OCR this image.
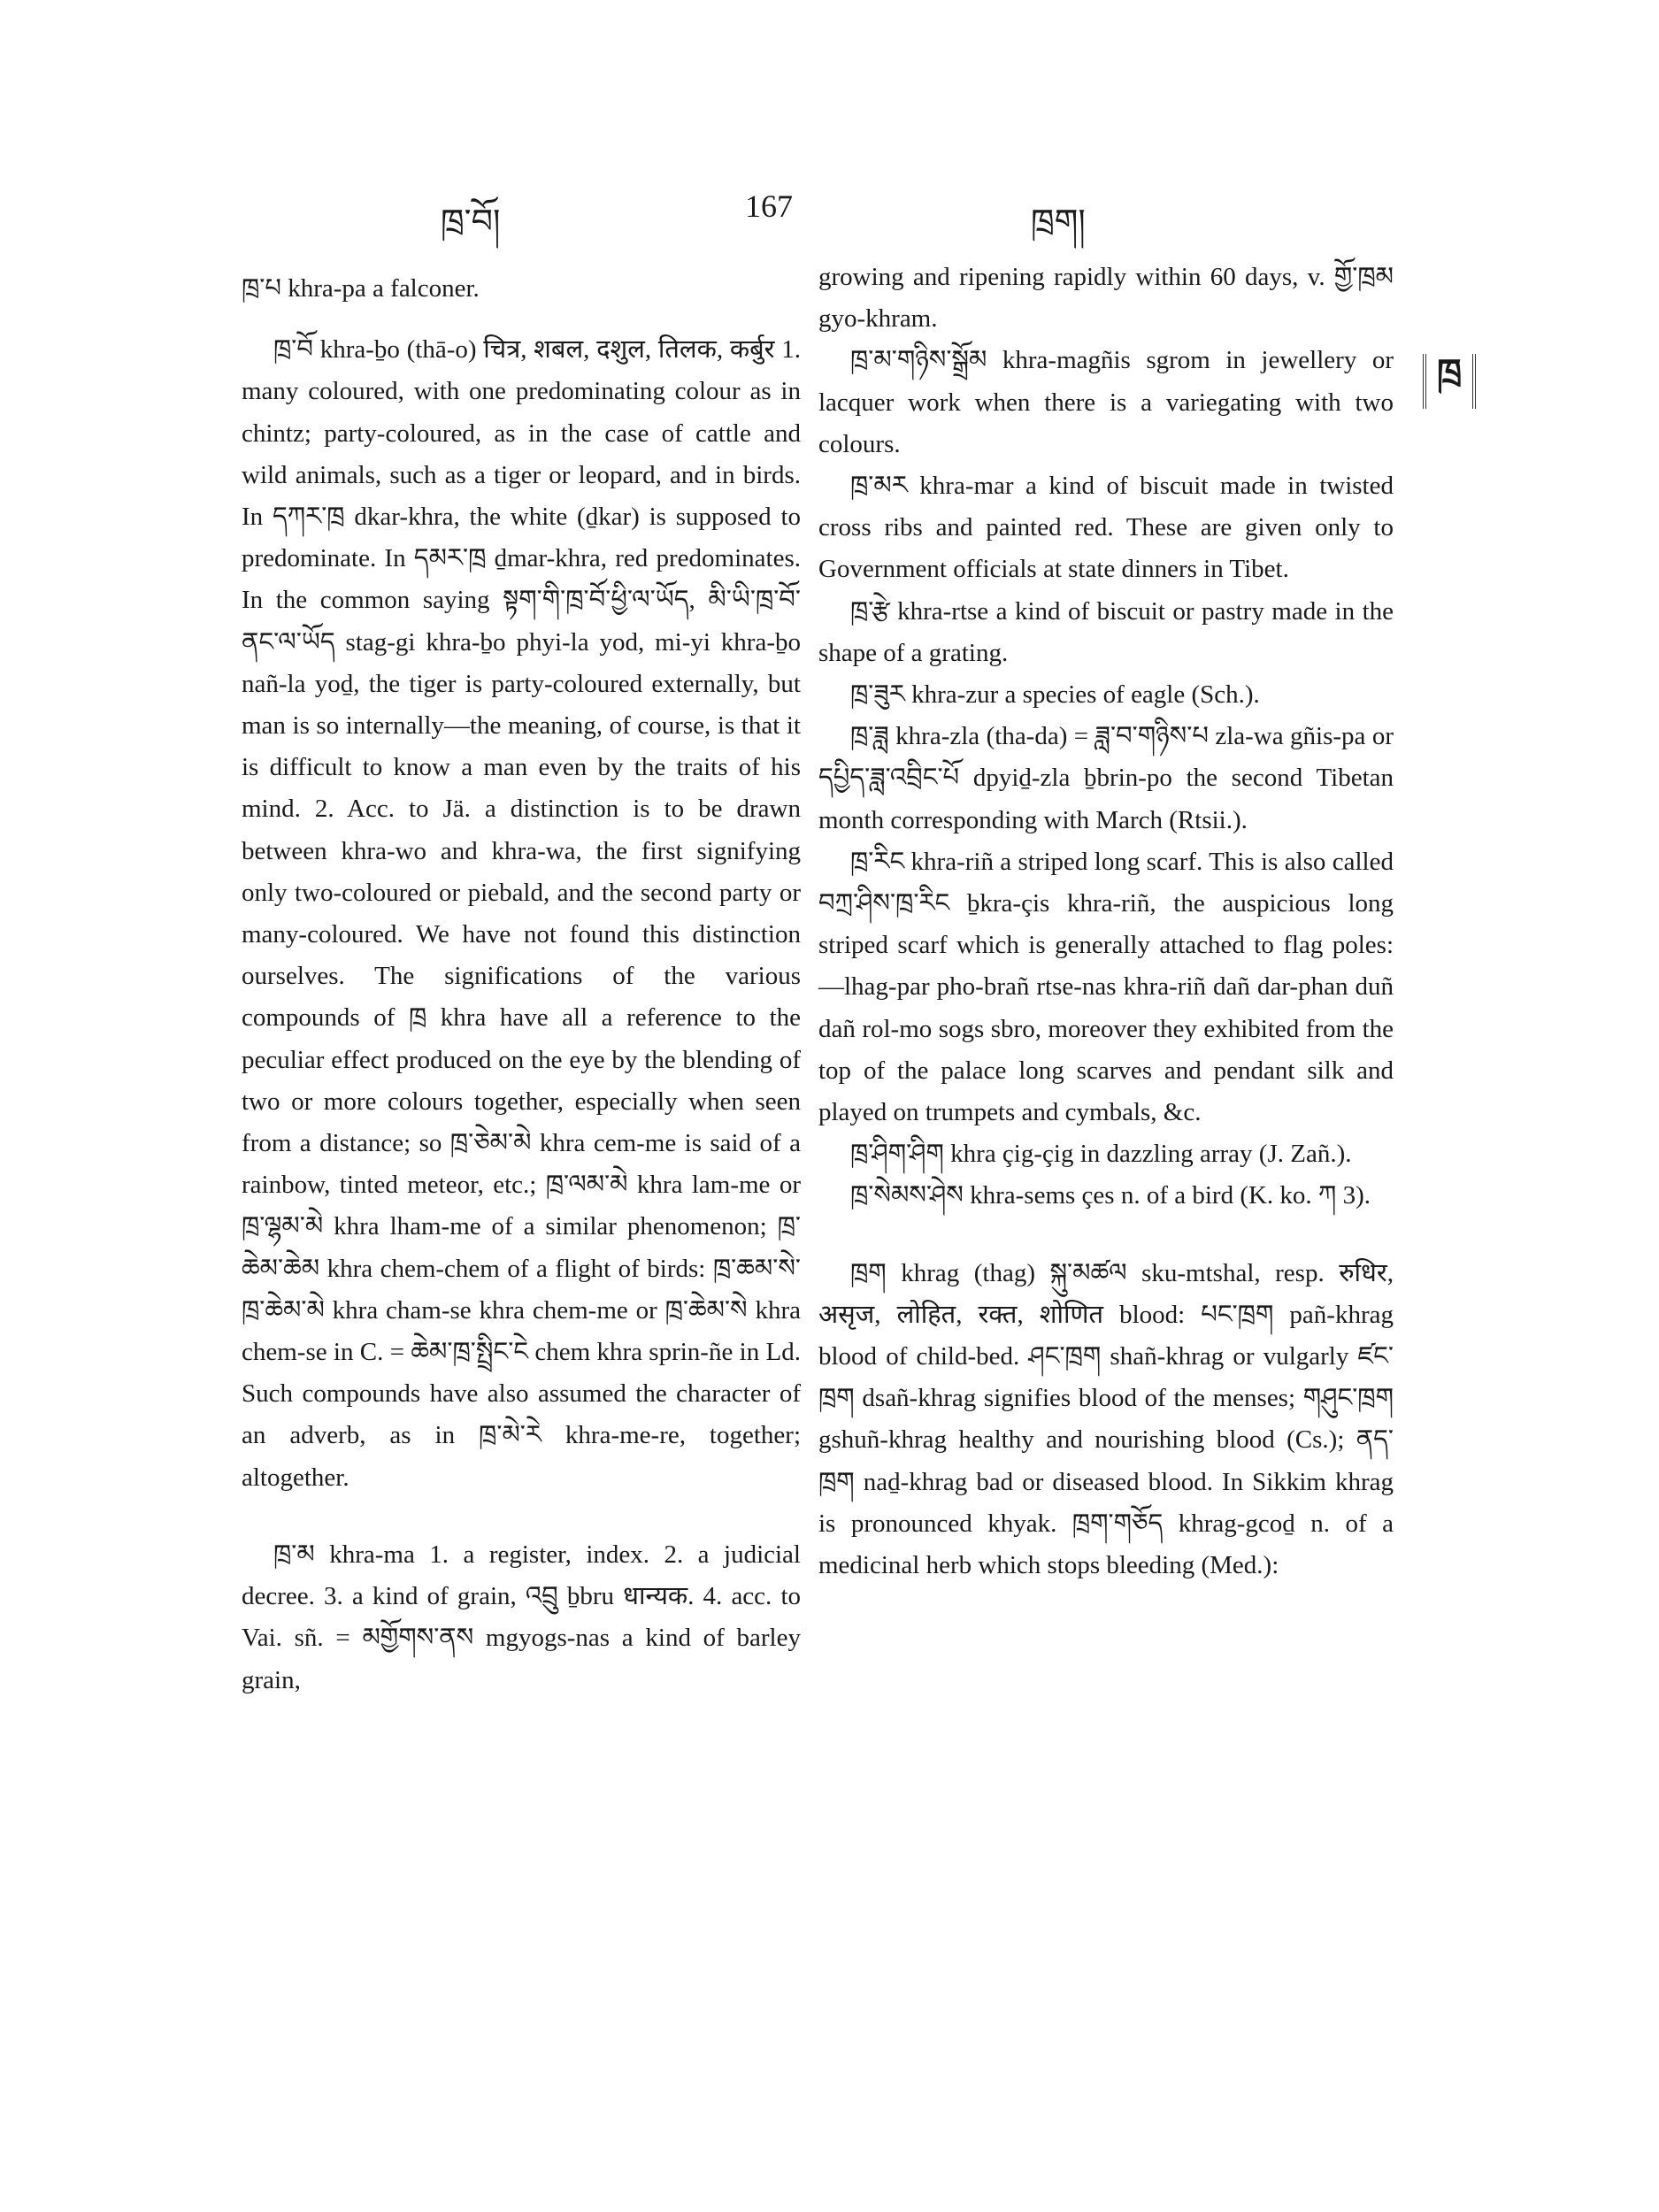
ཁྲ་བོ།	167	ཁྲག།
ཁྲ

ཁྲ་པ khra-pa a falconer.

ཁྲ་བོ khra-ḇo (thā-o) चित्र, शबल, दशुल, तिलक, कर्बुर 1. many coloured, with one predominating colour as in chintz; party-coloured, as in the case of cattle and wild animals, such as a tiger or leopard, and in birds. In དཀར་ཁྲ dkar-khra, the white (ḏkar) is supposed to predominate. In དམར་ཁྲ ḏmar-khra, red predominates. In the common saying སྟག་གི་ཁྲ་བོ་ཕྱི་ལ་ཡོད, མི་ཡི་ཁྲ་བོ་ནང་ལ་ཡོད stag-gi khra-ḇo phyi-la yod, mi-yi khra-ḇo nañ-la yoḏ, the tiger is party-coloured externally, but man is so internally—the meaning, of course, is that it is difficult to know a man even by the traits of his mind. 2. Acc. to Jä. a distinction is to be drawn between khra-wo and khra-wa, the first signifying only two-coloured or piebald, and the second party or many-coloured. We have not found this distinction ourselves. The significations of the various compounds of ཁྲ khra have all a reference to the peculiar effect produced on the eye by the blending of two or more colours together, especially when seen from a distance; so ཁྲ་ཅེམ་མེ khra cem-me is said of a rainbow, tinted meteor, etc.; ཁྲ་ལམ་མེ khra lam-me or ཁྲ་ལྷམ་མེ khra lham-me of a similar phenomenon; ཁྲ་ཆེམ་ཆེམ khra chem-chem of a flight of birds: ཁྲ་ཆམ་སེ་ཁྲ་ཆེམ་མེ khra cham-se khra chem-me or ཁྲ་ཆེམ་སེ khra chem-se in C. = ཆེམ་ཁྲ་སྤྲིང་ངེ chem khra sprin-ñe in Ld. Such compounds have also assumed the character of an adverb, as in ཁྲ་མེ་རེ khra-me-re, together; altogether.

ཁྲ་མ khra-ma 1. a register, index. 2. a judicial decree. 3. a kind of grain, འབྲུ ḇbru धान्यक. 4. acc. to Vai. sñ. = མགྱོགས་ནས mgyogs-nas a kind of barley grain,

growing and ripening rapidly within 60 days, v. གྱོ་ཁྲམ gyo-khram.

ཁྲ་མ་གཉིས་སྒྲོམ khra-magñis sgrom in jewellery or lacquer work when there is a variegating with two colours.

ཁྲ་མར khra-mar a kind of biscuit made in twisted cross ribs and painted red. These are given only to Government officials at state dinners in Tibet.

ཁྲ་རྩེ khra-rtse a kind of biscuit or pastry made in the shape of a grating.

ཁྲ་ཟུར khra-zur a species of eagle (Sch.).

ཁྲ་ཟླ khra-zla (tha-da) = ཟླ་བ་གཉིས་པ zla-wa gñis-pa or དཔྱིད་ཟླ་འབྲིང་པོ dpyiḏ-zla ḇbrin-po the second Tibetan month corresponding with March (Rtsii.).

ཁྲ་རིང khra-riñ a striped long scarf. This is also called བཀྲ་ཤིས་ཁྲ་རིང ḇkra-çis khra-riñ, the auspicious long striped scarf which is generally attached to flag poles:—lhag-par pho-brañ rtse-nas khra-riñ dañ dar-phan duñ dañ rol-mo sogs sbro, moreover they exhibited from the top of the palace long scarves and pendant silk and played on trumpets and cymbals, &c.

ཁྲ་ཤིག་ཤིག khra çig-çig in dazzling array (J. Zañ.).

ཁྲ་སེམས་ཤེས khra-sems çes n. of a bird (K. ko. ཀ 3).

ཁྲག khrag (thag) སྐུ་མཚལ sku-mtshal, resp. रुधिर, असृज, लोहित, रक्त, शोणित blood: པང་ཁྲག pañ-khrag blood of child-bed. ཤང་ཁྲག shañ-khrag or vulgarly ཛང་ཁྲག dsañ-khrag signifies blood of the menses; གཤུང་ཁྲག gshuñ-khrag healthy and nourishing blood (Cs.); ནད་ཁྲག naḏ-khrag bad or diseased blood. In Sikkim khrag is pronounced khyak. ཁྲག་གཅོད khrag-gcoḏ n. of a medicinal herb which stops bleeding (Med.):
